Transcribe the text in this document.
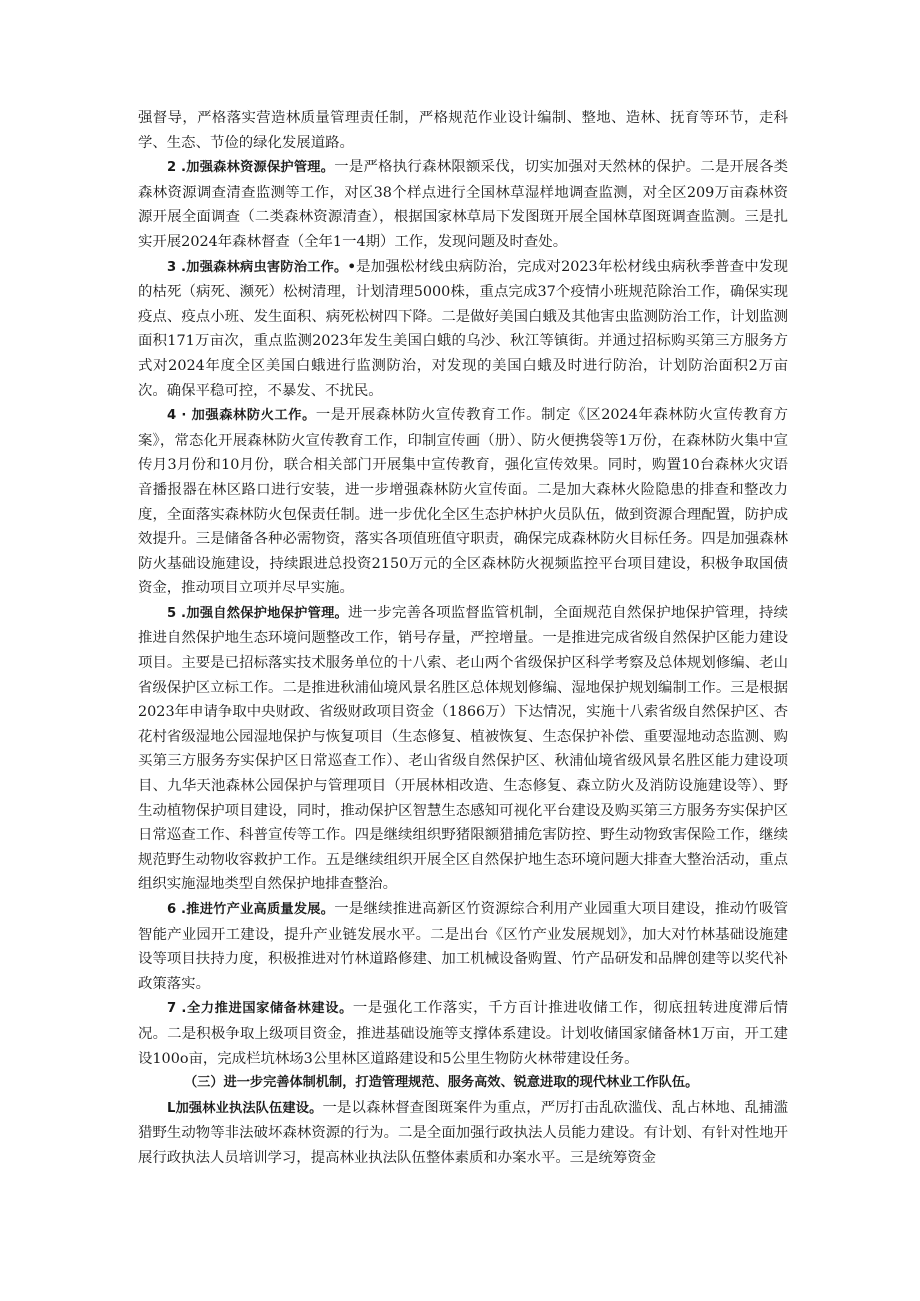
强督导，严格落实营造林质量管理责任制，严格规范作业设计编制、整地、造林、抚育等环节，走科学、生态、节俭的绿化发展道路。

2 .加强森林资源保护管理。一是严格执行森林限额采伐，切实加强对天然林的保护。二是开展各类森林资源调查清查监测等工作，对区38个样点进行全国林草湿样地调查监测，对全区209万亩森林资源开展全面调查（二类森林资源清查），根据国家林草局下发图斑开展全国林草图斑调查监测。三是扎实开展2024年森林督查（全年1一4期）工作，发现问题及时查处。

3 .加强森林病虫害防治工作。•是加强松材线虫病防治，完成对2023年松材线虫病秋季普查中发现的枯死（病死、濒死）松树清理，计划清理5000株，重点完成37个疫情小班规范除治工作，确保实现疫点、疫点小班、发生面积、病死松树四下降。二是做好美国白蛾及其他害虫监测防治工作，计划监测面积171万亩次，重点监测2023年发生美国白蛾的乌沙、秋江等镇街。并通过招标购买第三方服务方式对2024年度全区美国白蛾进行监测防治，对发现的美国白蛾及时进行防治，计划防治面积2万亩次。确保平稳可控，不暴发、不扰民。

4 · 加强森林防火工作。一是开展森林防火宣传教育工作。制定《区2024年森林防火宣传教育方案》，常态化开展森林防火宣传教育工作，印制宣传画（册）、防火便携袋等1万份，在森林防火集中宣传月3月份和10月份，联合相关部门开展集中宣传教育，强化宣传效果。同时，购置10台森林火灾语音播报器在林区路口进行安装，进一步增强森林防火宣传面。二是加大森林火险隐患的排查和整改力度，全面落实森林防火包保责任制。进一步优化全区生态护林护火员队伍，做到资源合理配置，防护成效提升。三是储备各种必需物资，落实各项值班值守职责，确保完成森林防火目标任务。四是加强森林防火基础设施建设，持续跟进总投资2150万元的全区森林防火视频监控平台项目建设，积极争取国债资金，推动项目立项并尽早实施。

5 .加强自然保护地保护管理。进一步完善各项监督监管机制，全面规范自然保护地保护管理，持续推进自然保护地生态环境问题整改工作，销号存量，严控增量。一是推进完成省级自然保护区能力建设项目。主要是已招标落实技术服务单位的十八索、老山两个省级保护区科学考察及总体规划修编、老山省级保护区立标工作。二是推进秋浦仙境风景名胜区总体规划修编、湿地保护规划编制工作。三是根据2023年申请争取中央财政、省级财政项目资金（1866万）下达情况，实施十八索省级自然保护区、杏花村省级湿地公园湿地保护与恢复项目（生态修复、植被恢复、生态保护补偿、重要湿地动态监测、购买第三方服务夯实保护区日常巡查工作）、老山省级自然保护区、秋浦仙境省级风景名胜区能力建设项目、九华天池森林公园保护与管理项目（开展林相改造、生态修复、森立防火及消防设施建设等）、野生动植物保护项目建设，同时，推动保护区智慧生态感知可视化平台建设及购买第三方服务夯实保护区日常巡查工作、科普宣传等工作。四是继续组织野猪限额猎捕危害防控、野生动物致害保险工作，继续规范野生动物收容救护工作。五是继续组织开展全区自然保护地生态环境问题大排查大整治活动，重点组织实施湿地类型自然保护地排查整治。

6 .推进竹产业高质量发展。一是继续推进高新区竹资源综合利用产业园重大项目建设，推动竹吸管智能产业园开工建设，提升产业链发展水平。二是出台《区竹产业发展规划》，加大对竹林基础设施建设等项目扶持力度，积极推进对竹林道路修建、加工机械设备购置、竹产品研发和品牌创建等以奖代补政策落实。

7 .全力推进国家储备林建设。一是强化工作落实，千方百计推进收储工作，彻底扭转进度滞后情况。二是积极争取上级项目资金，推进基础设施等支撑体系建设。计划收储国家储备林1万亩，开工建设100o亩，完成栏坑林场3公里林区道路建设和5公里生物防火林带建设任务。

（三）进一步完善体制机制，打造管理规范、服务高效、锐意进取的现代林业工作队伍。

L加强林业执法队伍建设。一是以森林督查图斑案件为重点，严厉打击乱砍滥伐、乱占林地、乱捕滥猎野生动物等非法破坏森林资源的行为。二是全面加强行政执法人员能力建设。有计划、有针对性地开展行政执法人员培训学习，提高林业执法队伍整体素质和办案水平。三是统筹资金
